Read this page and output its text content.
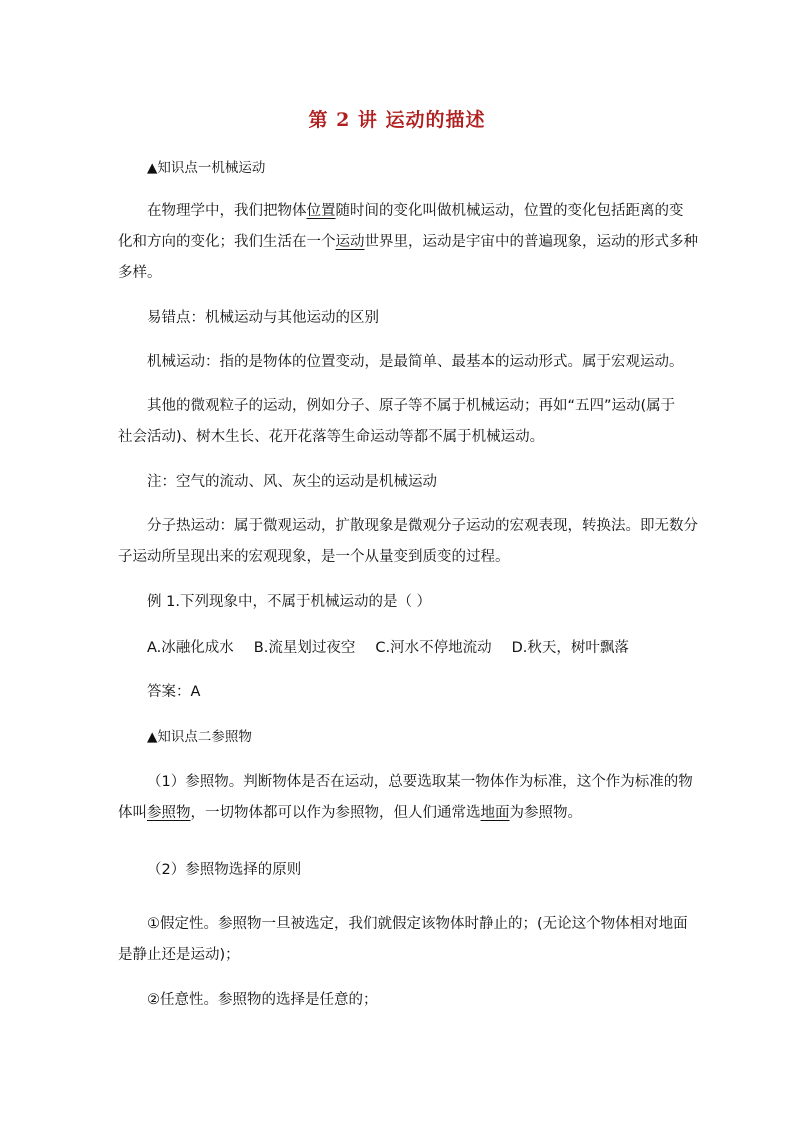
第 2 讲 运动的描述
▲知识点一机械运动
在物理学中，我们把物体位置随时间的变化叫做机械运动，位置的变化包括距离的变
化和方向的变化；我们生活在一个运动世界里，运动是宇宙中的普遍现象，运动的形式多种
多样。
易错点：机械运动与其他运动的区别
机械运动：指的是物体的位置变动，是最简单、最基本的运动形式。属于宏观运动。
其他的微观粒子的运动，例如分子、原子等不属于机械运动；再如“五四”运动(属于
社会活动)、树木生长、花开花落等生命运动等都不属于机械运动。
注：空气的流动、风、灰尘的运动是机械运动
分子热运动：属于微观运动，扩散现象是微观分子运动的宏观表现，转换法。即无数分
子运动所呈现出来的宏观现象，是一个从量变到质变的过程。
例 1.下列现象中，不属于机械运动的是（ ）
A.冰融化成水 B.流星划过夜空 C.河水不停地流动 D.秋天，树叶飘落
答案：A
▲知识点二参照物
（1）参照物。判断物体是否在运动，总要选取某一物体作为标准，这个作为标准的物
体叫参照物，一切物体都可以作为参照物，但人们通常选地面为参照物。
（2）参照物选择的原则
①假定性。参照物一旦被选定，我们就假定该物体时静止的；(无论这个物体相对地面
是静止还是运动)；
②任意性。参照物的选择是任意的；
